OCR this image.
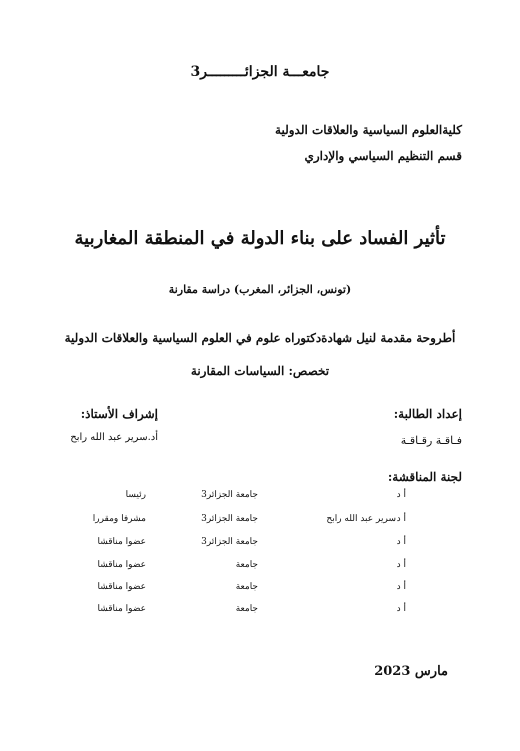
جامعـــة الجزائـــــــــر3
كليةالعلوم السياسية والعلاقات الدولية
قسم التنظيم السياسي والإداري
تأثير الفساد على بناء الدولة في المنطقة المغاربية
(تونس، الجزائر، المغرب) دراسة مقارنة
أطروحة مقدمة لنيل شهادةدكتوراه علوم في العلوم السياسية والعلاقات الدولية
تخصص: السياسات المقارنة
إعداد الطالبة:
إشراف الأستاذ:
فـاقـة رقـاقـة
أد.سرير عبد الله رابح
لجنة المناقشة:
أ د
جامعة الجزائر3
رئيسا
أ د
سرير عبد الله رابح
جامعة الجزائر3
مشرفا ومقررا
أ د
جامعة الجزائر3
عضوا مناقشا
أ د
جامعة
عضوا مناقشا
أ د
جامعة
عضوا مناقشا
أ د
جامعة
عضوا مناقشا
مارس 2023
